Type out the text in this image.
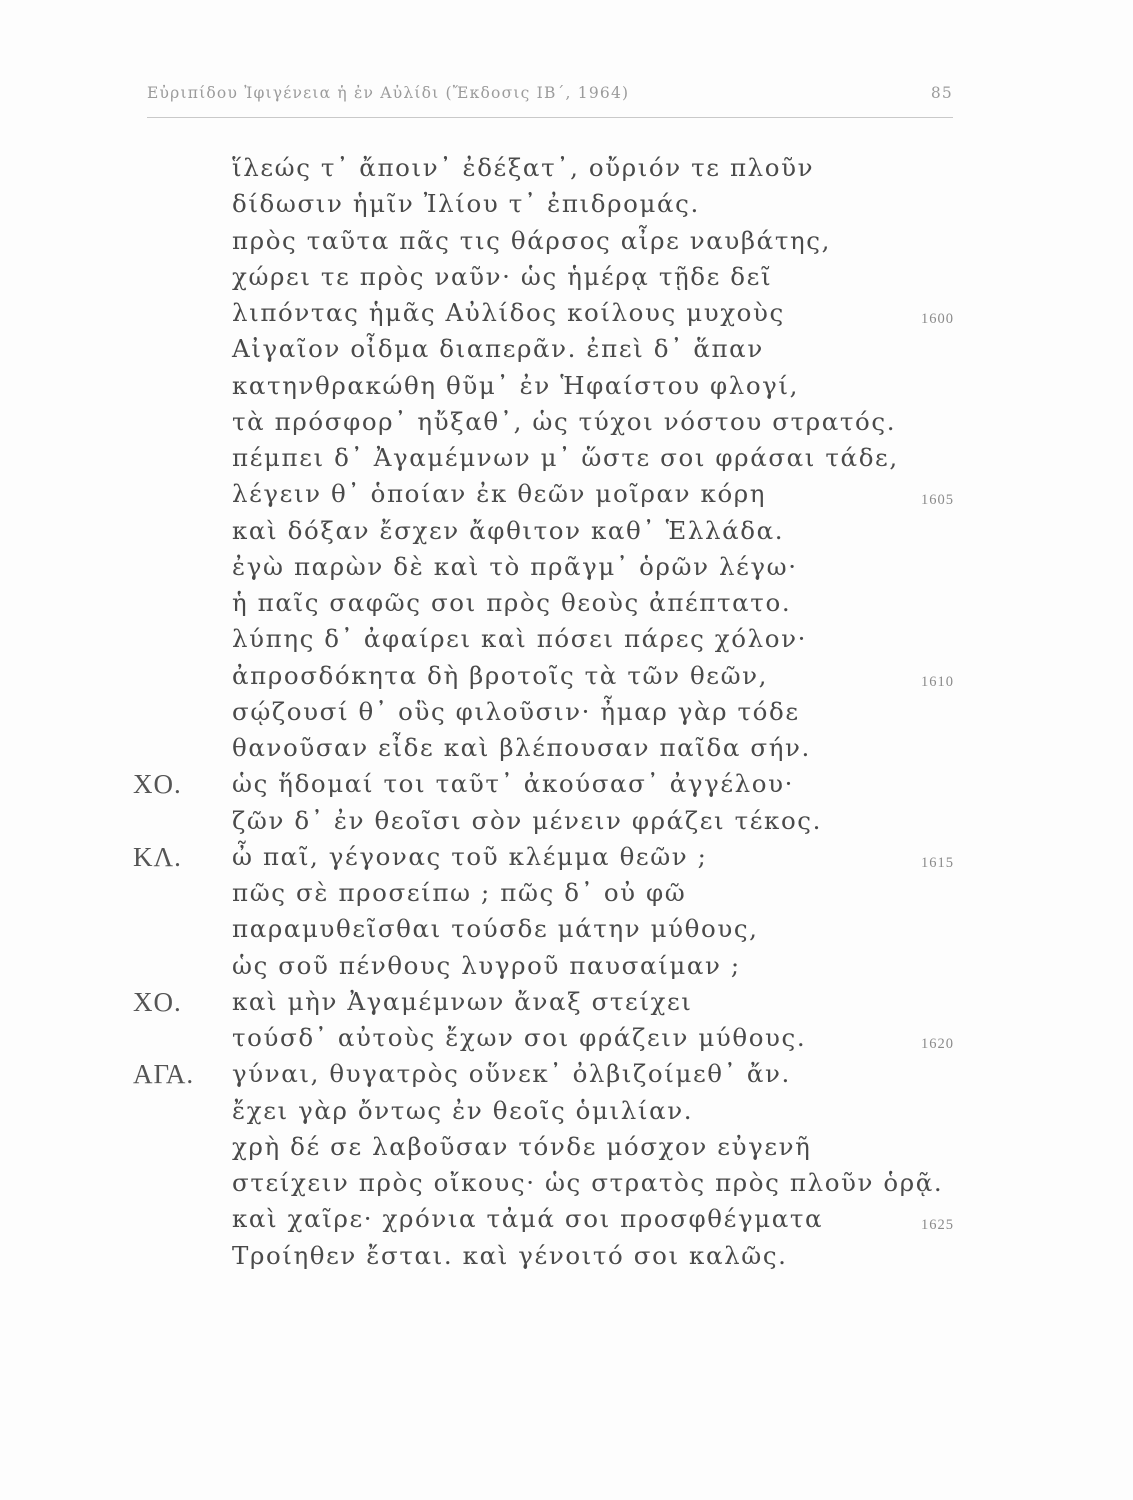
Εὐριπίδου Ἰφιγένεια ἡ ἐν Αὐλίδι (Ἔκδοσις ΙΒ΄, 1964)	85
ἵλεώς τ᾽ ἄποιν᾽ ἐδέξατ᾽, οὔριόν τε πλοῦν
δίδωσιν ἡμῖν Ἰλίου τ᾽ ἐπιδρομάς.
πρὸς ταῦτα πᾶς τις θάρσος αἶρε ναυβάτης,
χώρει τε πρὸς ναῦν· ὡς ἡμέρᾳ τῇδε δεῖ
λιπόντας ἡμᾶς Αὐλίδος κοίλους μυχοὺς	1600
Αἰγαῖον οἶδμα διαπερᾶν. ἐπεὶ δ᾽ ἅπαν
κατηνθρακώθη θῦμ᾽ ἐν Ἡφαίστου φλογί,
τὰ πρόσφορ᾽ ηὔξαθ᾽, ὡς τύχοι νόστου στρατός.
πέμπει δ᾽ Ἀγαμέμνων μ᾽ ὥστε σοι φράσαι τάδε,
λέγειν θ᾽ ὁποίαν ἐκ θεῶν μοῖραν κόρη	1605
καὶ δόξαν ἔσχεν ἄφθιτον καθ᾽ Ἑλλάδα.
ἐγὼ παρὼν δὲ καὶ τὸ πρᾶγμ᾽ ὁρῶν λέγω·
ἡ παῖς σαφῶς σοι πρὸς θεοὺς ἀπέπτατο.
λύπης δ᾽ ἀφαίρει καὶ πόσει πάρες χόλον·
ἀπροσδόκητα δὴ βροτοῖς τὰ τῶν θεῶν,	1610
σῴζουσί θ᾽ οὓς φιλοῦσιν· ἦμαρ γὰρ τόδε
θανοῦσαν εἶδε καὶ βλέπουσαν παῖδα σήν.
ΧΟ. ὡς ἥδομαί τοι ταῦτ᾽ ἀκούσασ᾽ ἀγγέλου·
ζῶν δ᾽ ἐν θεοῖσι σὸν μένειν φράζει τέκος.
ΚΛ. ὦ παῖ, γέγονας τοῦ κλέμμα θεῶν ;	1615
πῶς σὲ προσείπω ; πῶς δ᾽ οὐ φῶ
παραμυθεῖσθαι τούσδε μάτην μύθους,
ὡς σοῦ πένθους λυγροῦ παυσαίμαν ;
ΧΟ. καὶ μὴν Ἀγαμέμνων ἄναξ στείχει
τούσδ᾽ αὐτοὺς ἔχων σοι φράζειν μύθους.	1620
ΑΓΑ. γύναι, θυγατρὸς οὕνεκ᾽ ὀλβιζοίμεθ᾽ ἄν.
ἔχει γὰρ ὄντως ἐν θεοῖς ὁμιλίαν.
χρὴ δέ σε λαβοῦσαν τόνδε μόσχον εὐγενῆ
στείχειν πρὸς οἴκους· ὡς στρατὸς πρὸς πλοῦν ὁρᾷ.
καὶ χαῖρε· χρόνια τἀμά σοι προσφθέγματα	1625
Τροίηθεν ἔσται. καὶ γένοιτό σοι καλῶς.
